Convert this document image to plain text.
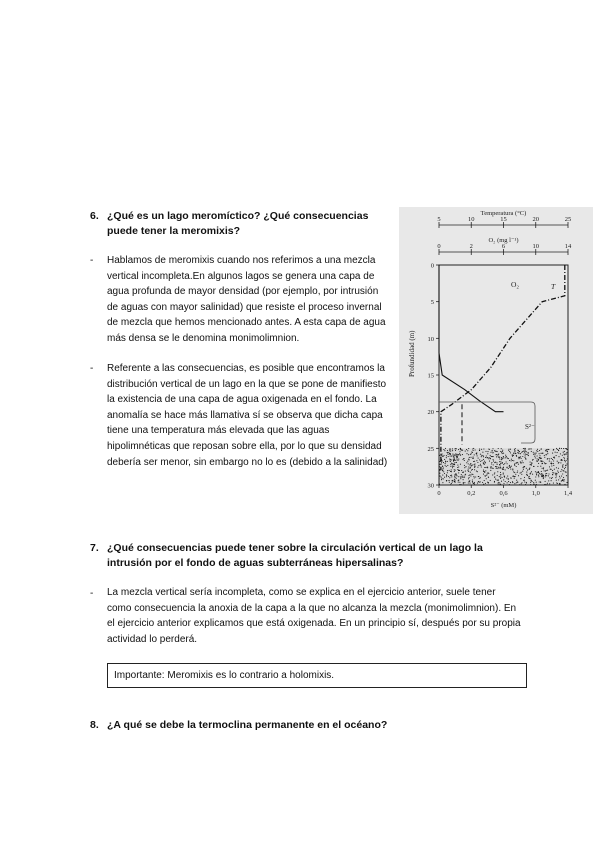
6. ¿Qué es un lago meromíctico? ¿Qué consecuencias
puede tener la meromixis?
- Hablamos de meromixis cuando nos referimos a una mezcla vertical incompleta.En algunos lagos se genera una capa de agua profunda de mayor densidad (por ejemplo, por intrusión de aguas con mayor salinidad) que resiste el proceso invernal de mezcla que hemos mencionado antes. A esta capa de agua más densa se le denomina monimolimnion.
- Referente a las consecuencias, es posible que encontramos la distribución vertical de un lago en la que se pone de manifiesto la existencia de una capa de agua oxigenada en el fondo. La anomalía se hace más llamativa sí se observa que dicha capa tiene una temperatura más elevada que las aguas hipolimnéticas que reposan sobre ella, por lo que su densidad debería ser menor, sin embargo no lo es (debido a la salinidad)
Temperatura (°C)
5	10	15	20	25
O₂ (mg l⁻¹)
0	2	6	10	14
0
5
10
15
20
25
30
0	0,2	0,6	1,0	1,4
S²⁻ (mM)
S²⁻
O₂	T
Profundidad (m)
7. ¿Qué consecuencias puede tener sobre la circulación vertical de un lago la
intrusión por el fondo de aguas subterráneas hipersalinas?
- La mezcla vertical sería incompleta, como se explica en el ejercicio anterior, suele tener como consecuencia la anoxia de la capa a la que no alcanza la mezcla (monimolimnion). En el ejercicio anterior explicamos que está oxigenada. En un principio sí, después por su propia actividad lo perderá.
Importante: Meromixis es lo contrario a holomixis.
8. ¿A qué se debe la termoclina permanente en el océano?
